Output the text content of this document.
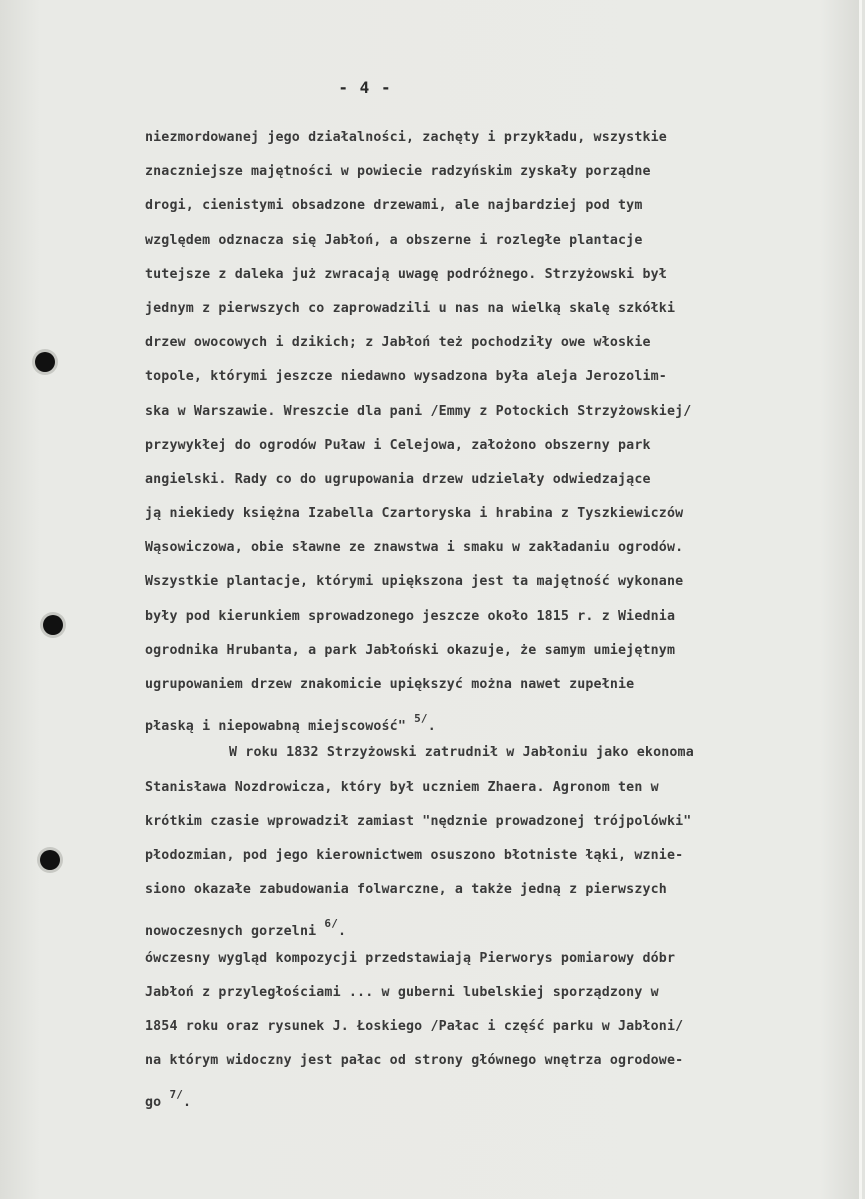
- 4 -
niezmordowanej jego działalności, zachęty i przykładu, wszystkie
znaczniejsze majętności w powiecie radzyńskim zyskały porządne
drogi, cienistymi obsadzone drzewami, ale najbardziej pod tym
względem odznacza się Jabłoń, a obszerne i rozległe plantacje
tutejsze z daleka już zwracają uwagę podróżnego. Strzyżowski był
jednym z pierwszych co zaprowadzili u nas na wielką skalę szkółki
drzew owocowych i dzikich; z Jabłoń też pochodziły owe włoskie
topole, którymi jeszcze niedawno wysadzona była aleja Jerozolim-
ska w Warszawie. Wreszcie dla pani /Emmy z Potockich Strzyżowskiej/
przywykłej do ogrodów Puław i Celejowa, założono obszerny park
angielski. Rady co do ugrupowania drzew udzielały odwiedzające
ją niekiedy księżna Izabella Czartoryska i hrabina z Tyszkiewiczów
Wąsowiczowa, obie sławne ze znawstwa i smaku w zakładaniu ogrodów.
Wszystkie plantacje, którymi upiększona jest ta majętność wykonane
były pod kierunkiem sprowadzonego jeszcze około 1815 r. z Wiednia
ogrodnika Hrubanta, a park Jabłoński okazuje, że samym umiejętnym
ugrupowaniem drzew znakomicie upiększyć można nawet zupełnie
płaską i niepowabną miejscowość" $^{5/}$.
W roku 1832 Strzyżowski zatrudnił w Jabłoniu jako ekonoma
Stanisława Nozdrowicza, który był uczniem Zhaera. Agronom ten w
krótkim czasie wprowadził zamiast "nędznie prowadzonej trójpolówki"
płodozmian, pod jego kierownictwem osuszono błotniste łąki, wznie-
siono okazałe zabudowania folwarczne, a także jedną z pierwszych
nowoczesnych gorzelni $^{6/}$.
ówczesny wygląd kompozycji przedstawiają Pierworys pomiarowy dóbr
Jabłoń z przyległościami ... w guberni lubelskiej sporządzony w
1854 roku oraz rysunek J. Łoskiego /Pałac i część parku w Jabłoni/
na którym widoczny jest pałac od strony głównego wnętrza ogrodowe-
go $^{7/}$.
